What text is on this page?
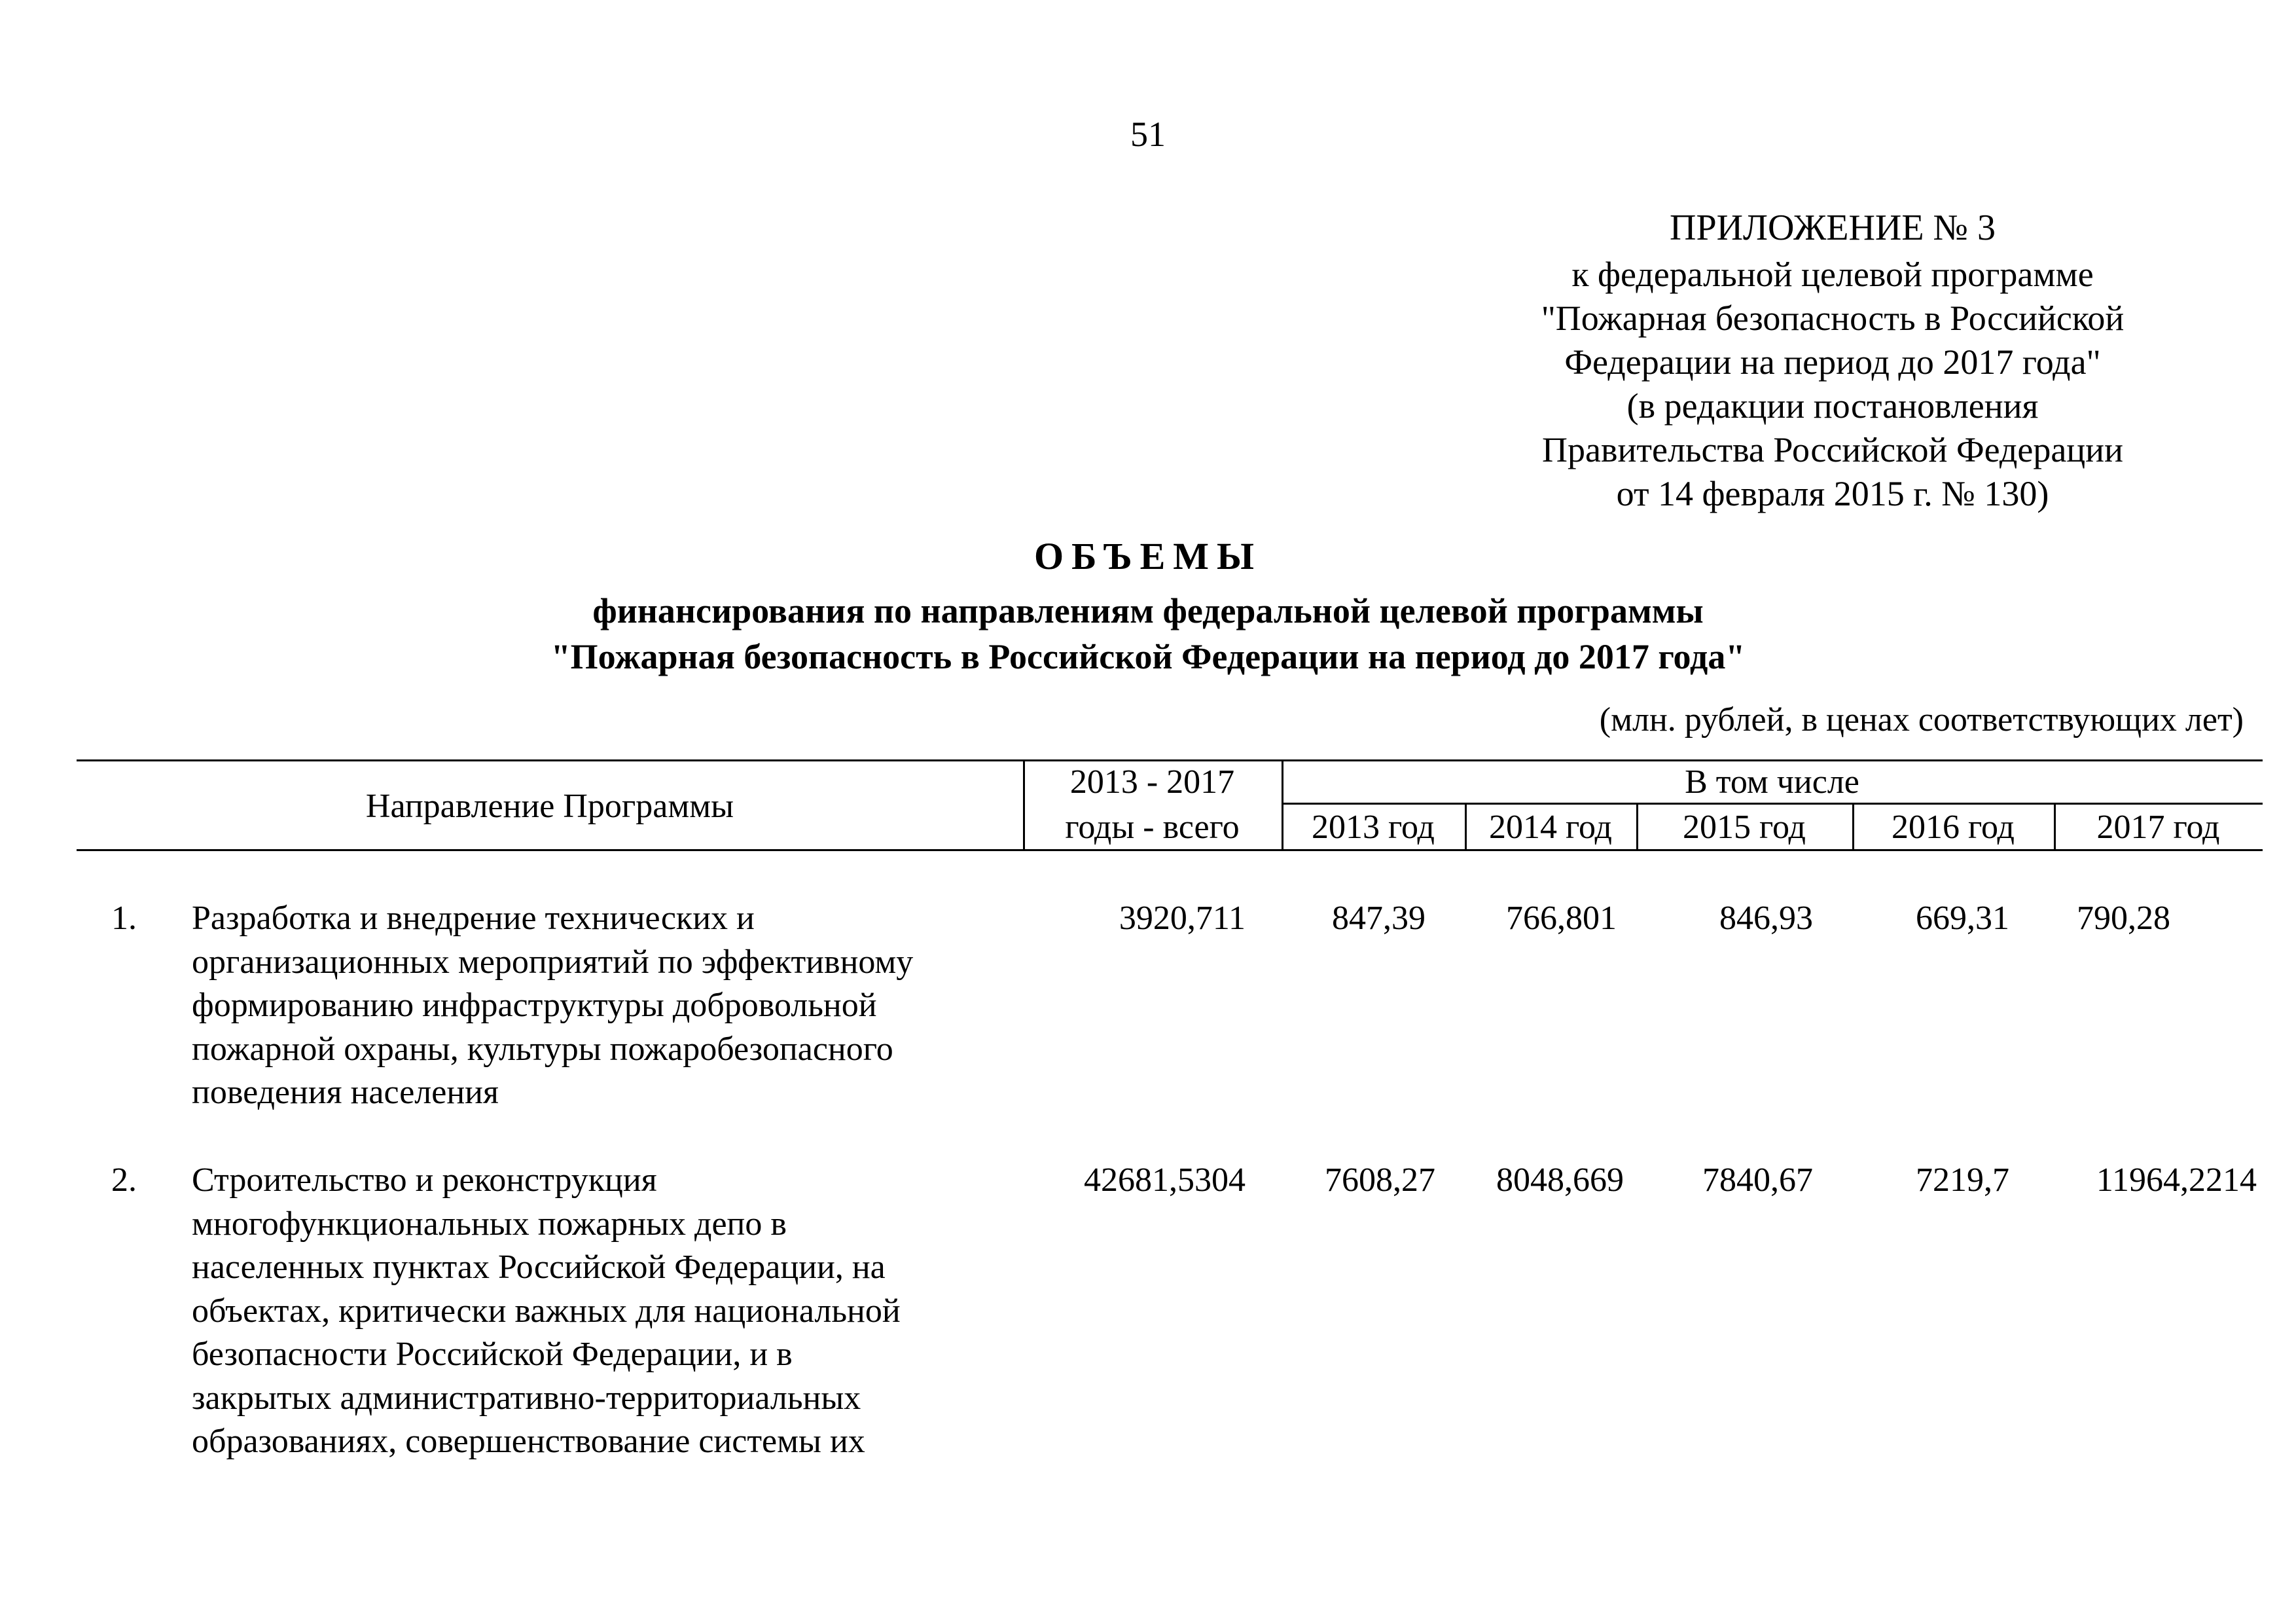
51
ПРИЛОЖЕНИЕ № 3
к федеральной целевой программе
"Пожарная безопасность в Российской
Федерации на период до 2017 года"
(в редакции постановления
Правительства Российской Федерации
от 14 февраля 2015 г. № 130)
ОБЪЕМЫ
финансирования по направлениям федеральной целевой программы
"Пожарная безопасность в Российской Федерации на период до 2017 года"
(млн. рублей, в ценах соответствующих лет)
Направление Программы
2013 - 2017
годы - всего
В том числе
2013 год	2014 год	2015 год	2016 год	2017 год
1. Разработка и внедрение технических и
организационных мероприятий по эффективному
формированию инфраструктуры добровольной
пожарной охраны, культуры пожаробезопасного
поведения населения
3920,711	847,39	766,801	846,93	669,31	790,28
2. Строительство и реконструкция
многофункциональных пожарных депо в
населенных пунктах Российской Федерации, на
объектах, критически важных для национальной
безопасности Российской Федерации, и в
закрытых административно-территориальных
образованиях, совершенствование системы их
42681,5304	7608,27	8048,669	7840,67	7219,7	11964,2214
